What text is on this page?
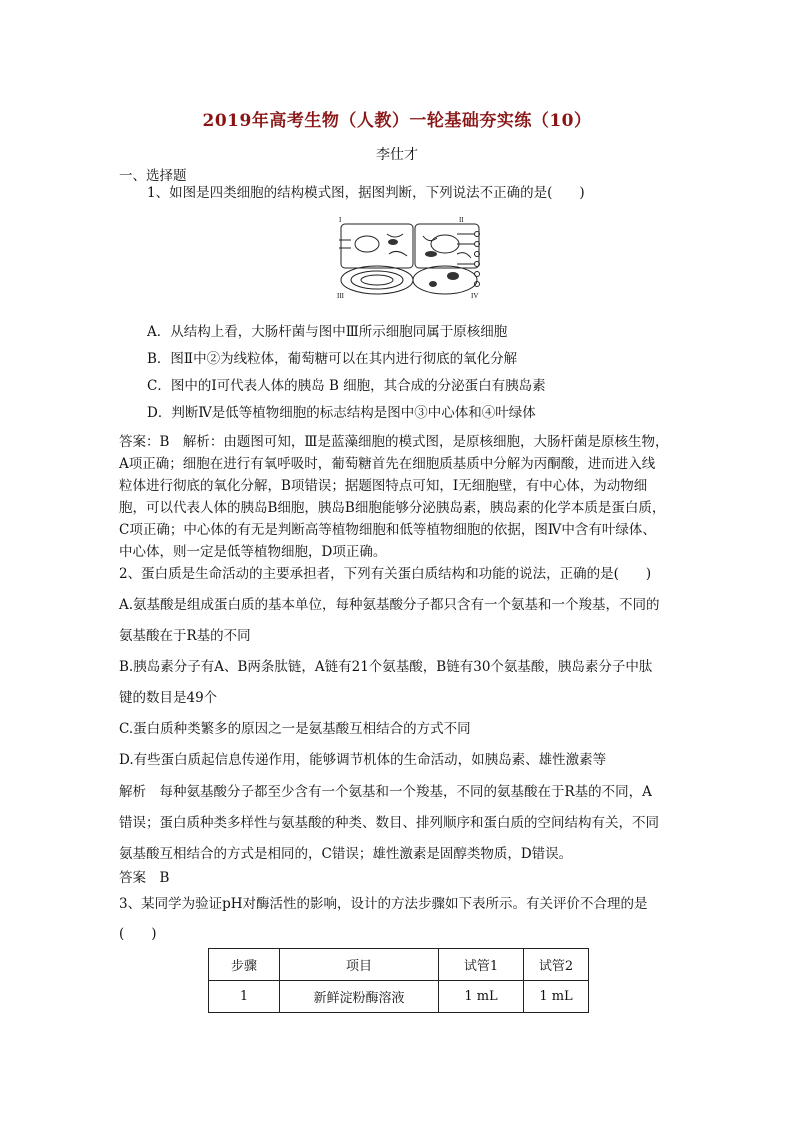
2019年高考生物（人教）一轮基础夯实练（10）
李仕才
一、选择题
1、如图是四类细胞的结构模式图，据图判断，下列说法不正确的是(　　)
I	II
III	IV
A．从结构上看，大肠杆菌与图中Ⅲ所示细胞同属于原核细胞
B．图Ⅱ中②为线粒体，葡萄糖可以在其内进行彻底的氧化分解
C．图中的Ⅰ可代表人体的胰岛 B 细胞，其合成的分泌蛋白有胰岛素
D．判断Ⅳ是低等植物细胞的标志结构是图中③中心体和④叶绿体
答案：B　解析：由题图可知，Ⅲ是蓝藻细胞的模式图，是原核细胞，大肠杆菌是原核生物，
A项正确；细胞在进行有氧呼吸时，葡萄糖首先在细胞质基质中分解为丙酮酸，进而进入线
粒体进行彻底的氧化分解，B项错误；据题图特点可知，Ⅰ无细胞壁，有中心体，为动物细
胞，可以代表人体的胰岛B细胞，胰岛B细胞能够分泌胰岛素，胰岛素的化学本质是蛋白质，
C项正确；中心体的有无是判断高等植物细胞和低等植物细胞的依据，图Ⅳ中含有叶绿体、
中心体，则一定是低等植物细胞，D项正确。
2、蛋白质是生命活动的主要承担者，下列有关蛋白质结构和功能的说法，正确的是(　　)
A.氨基酸是组成蛋白质的基本单位，每种氨基酸分子都只含有一个氨基和一个羧基，不同的
氨基酸在于R基的不同
B.胰岛素分子有A、B两条肽链，A链有21个氨基酸，B链有30个氨基酸，胰岛素分子中肽
键的数目是49个
C.蛋白质种类繁多的原因之一是氨基酸互相结合的方式不同
D.有些蛋白质起信息传递作用，能够调节机体的生命活动，如胰岛素、雄性激素等
解析　每种氨基酸分子都至少含有一个氨基和一个羧基，不同的氨基酸在于R基的不同，A
错误；蛋白质种类多样性与氨基酸的种类、数目、排列顺序和蛋白质的空间结构有关，不同
氨基酸互相结合的方式是相同的，C错误；雄性激素是固醇类物质，D错误。
答案　B
3、某同学为验证pH对酶活性的影响，设计的方法步骤如下表所示。有关评价不合理的是
(　　)
步骤	项目	试管1	试管2
1	新鲜淀粉酶溶液	1 mL	1 mL
